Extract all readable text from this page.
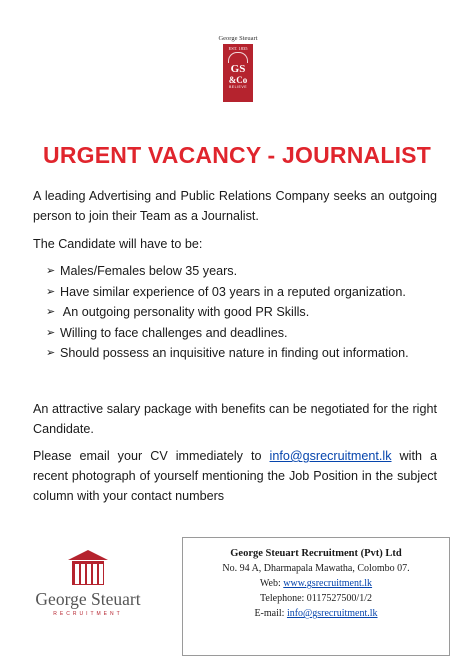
George Steuart
EST. 1835
GS
&Co
BELIEVE
URGENT VACANCY - JOURNALIST
A leading Advertising and Public Relations Company seeks an outgoing person to join their Team as a Journalist.
The Candidate will have to be:
➢ Males/Females below 35 years.
➢ Have similar experience of 03 years in a reputed organization.
➢ An outgoing personality with good PR Skills.
➢ Willing to face challenges and deadlines.
➢ Should possess an inquisitive nature in finding out information.
An attractive salary package with benefits can be negotiated for the right Candidate.
Please email your CV immediately to info@gsrecruitment.lk with a recent photograph of yourself mentioning the Job Position in the subject column with your contact numbers
George Steuart
RECRUITMENT
George Steuart Recruitment (Pvt) Ltd
No. 94 A, Dharmapala Mawatha, Colombo 07.
Web: www.gsrecruitment.lk
Telephone: 0117527500/1/2
E-mail: info@gsrecruitment.lk
